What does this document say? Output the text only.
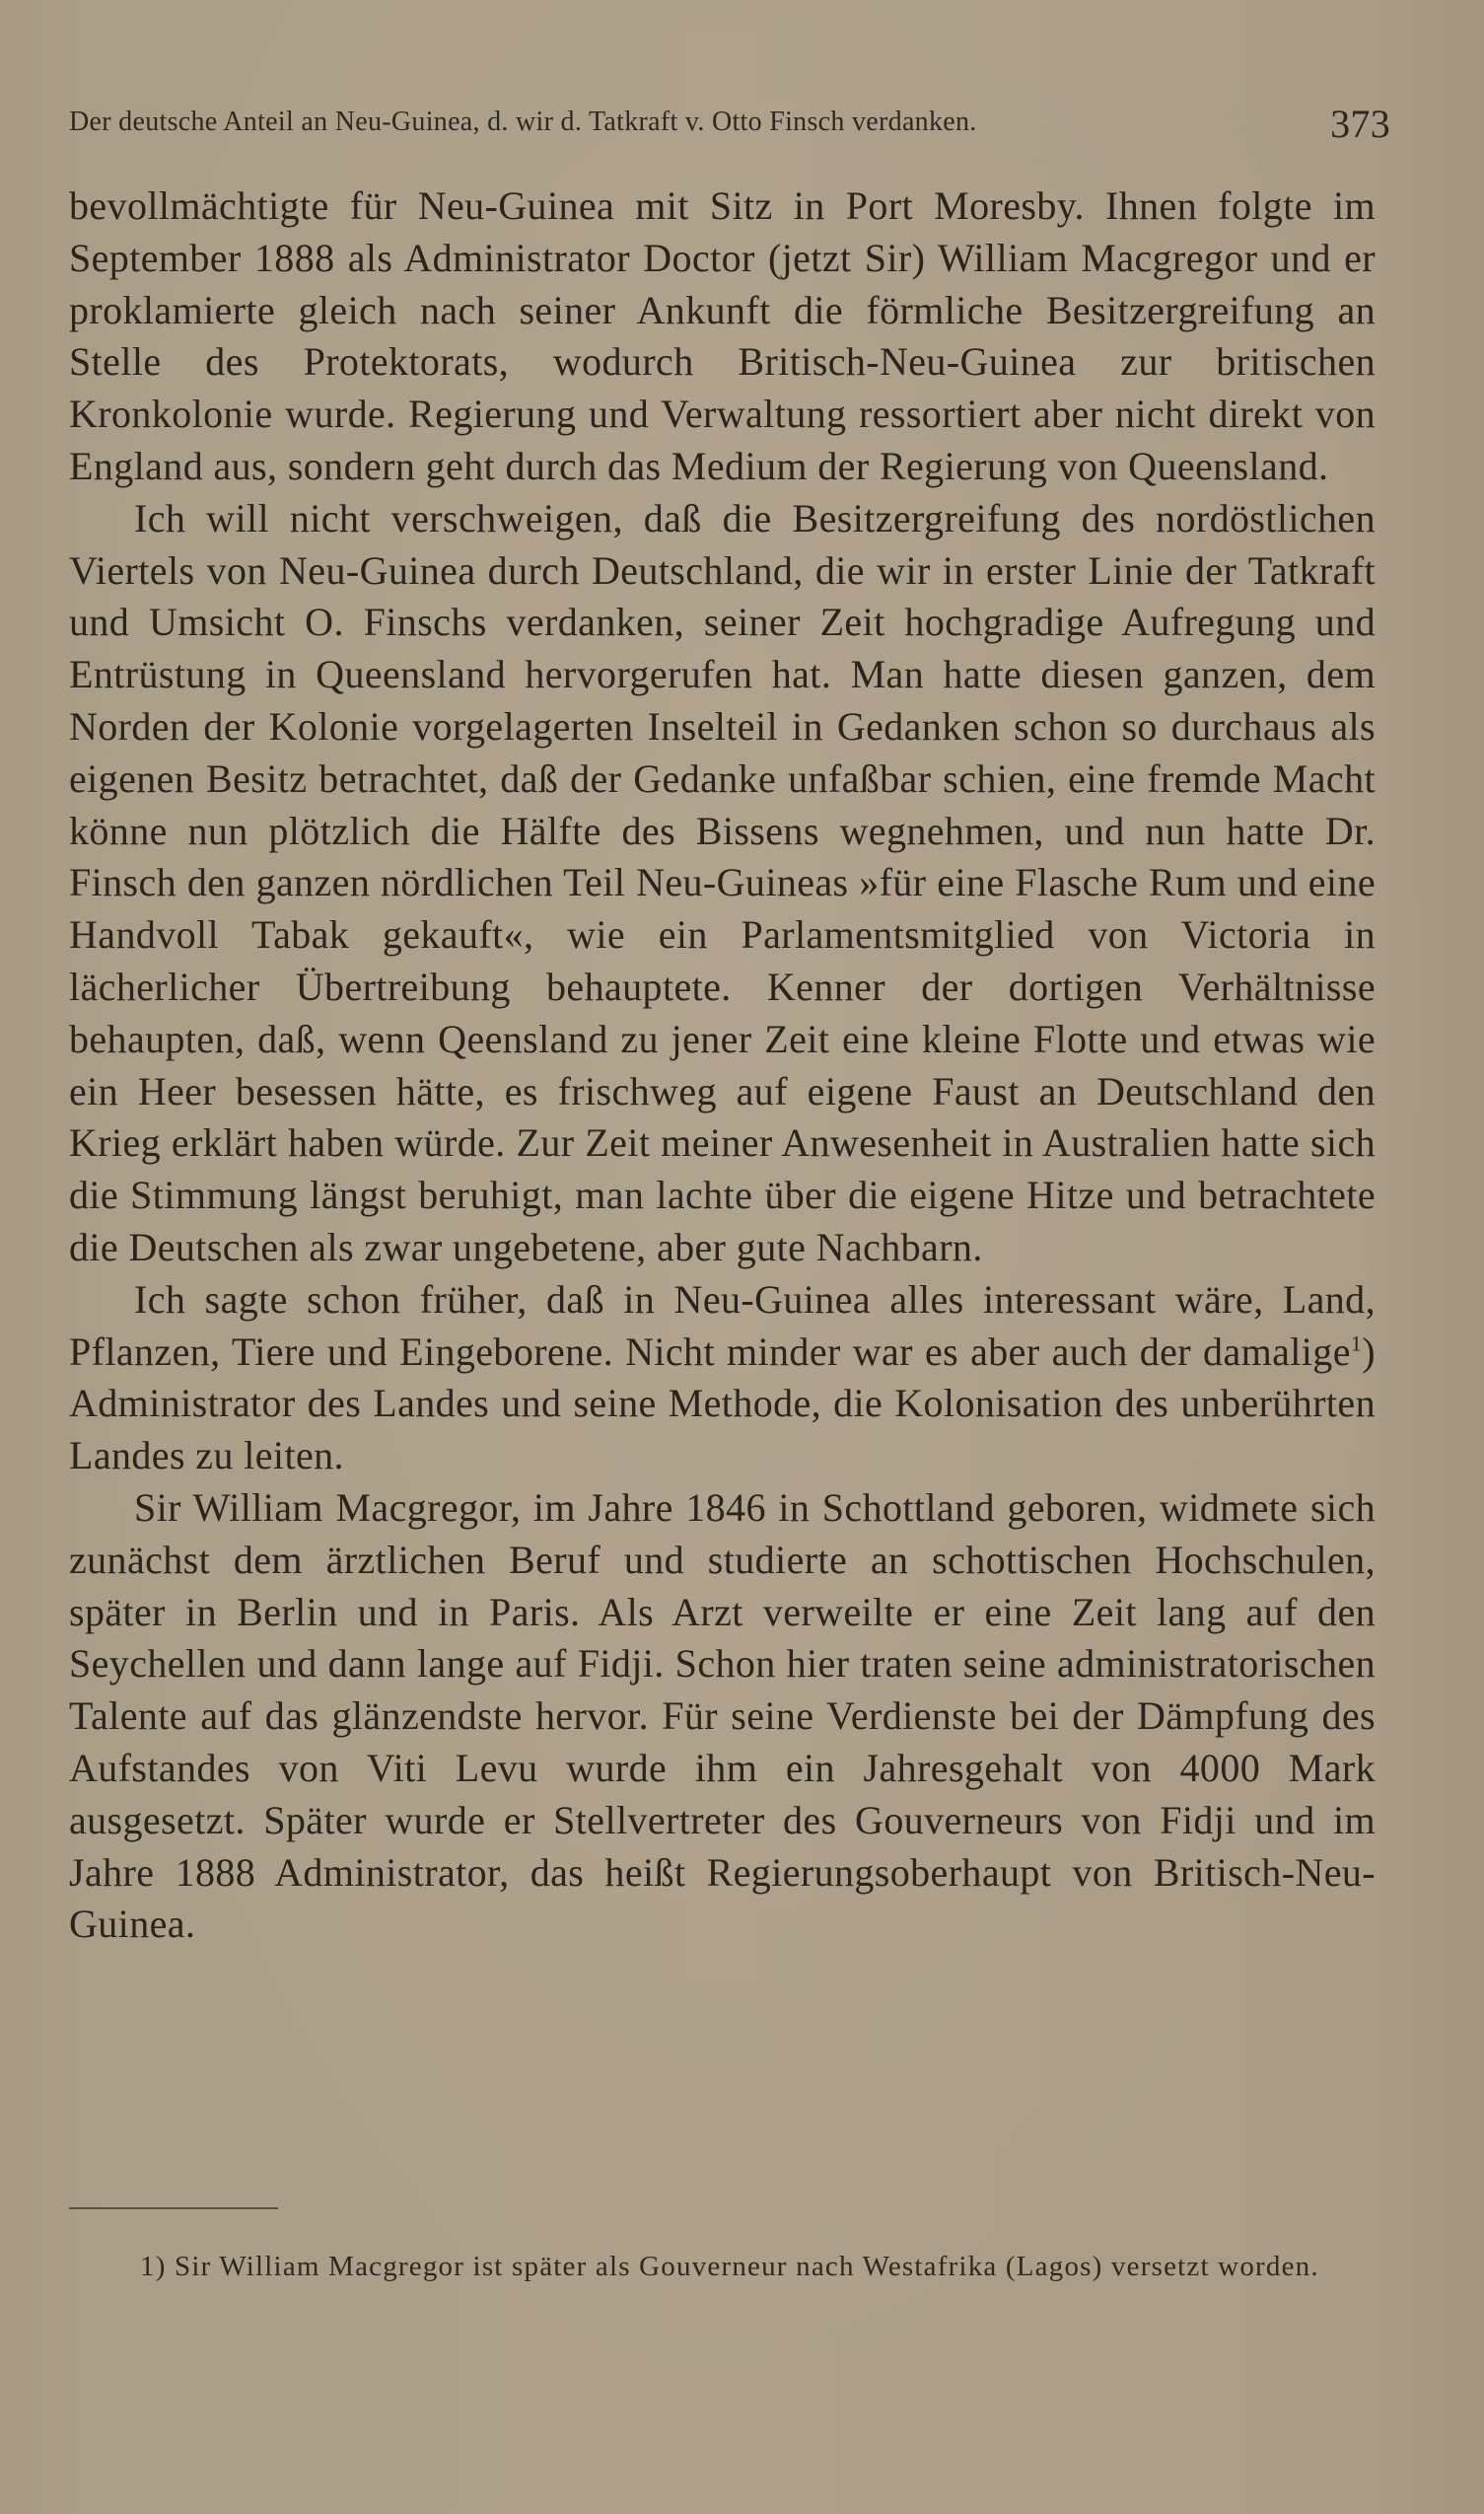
Der deutsche Anteil an Neu-Guinea, d. wir d. Tatkraft v. Otto Finsch verdanken.	373

bevollmächtigte für Neu-Guinea mit Sitz in Port Moresby. Ihnen folgte im September 1888 als Administrator Doctor (jetzt Sir) William Macgregor und er proklamierte gleich nach seiner Ankunft die förmliche Besitzergreifung an Stelle des Protektorats, wodurch Britisch-Neu-Guinea zur britischen Kronkolonie wurde. Regierung und Verwaltung ressortiert aber nicht direkt von England aus, sondern geht durch das Medium der Regierung von Queensland.

Ich will nicht verschweigen, daß die Besitzergreifung des nordöstlichen Viertels von Neu-Guinea durch Deutschland, die wir in erster Linie der Tatkraft und Umsicht O. Finschs verdanken, seiner Zeit hochgradige Aufregung und Entrüstung in Queensland hervorgerufen hat. Man hatte diesen ganzen, dem Norden der Kolonie vorgelagerten Inselteil in Gedanken schon so durchaus als eigenen Besitz betrachtet, daß der Gedanke unfaßbar schien, eine fremde Macht könne nun plötzlich die Hälfte des Bissens wegnehmen, und nun hatte Dr. Finsch den ganzen nördlichen Teil Neu-Guineas »für eine Flasche Rum und eine Handvoll Tabak gekauft«, wie ein Parlamentsmitglied von Victoria in lächerlicher Übertreibung behauptete. Kenner der dortigen Verhältnisse behaupten, daß, wenn Qeensland zu jener Zeit eine kleine Flotte und etwas wie ein Heer besessen hätte, es frischweg auf eigene Faust an Deutschland den Krieg erklärt haben würde. Zur Zeit meiner Anwesenheit in Australien hatte sich die Stimmung längst beruhigt, man lachte über die eigene Hitze und betrachtete die Deutschen als zwar ungebetene, aber gute Nachbarn.

Ich sagte schon früher, daß in Neu-Guinea alles interessant wäre, Land, Pflanzen, Tiere und Eingeborene. Nicht minder war es aber auch der damalige$^1$) Administrator des Landes und seine Methode, die Kolonisation des unberührten Landes zu leiten.

Sir William Macgregor, im Jahre 1846 in Schottland geboren, widmete sich zunächst dem ärztlichen Beruf und studierte an schottischen Hochschulen, später in Berlin und in Paris. Als Arzt verweilte er eine Zeit lang auf den Seychellen und dann lange auf Fidji. Schon hier traten seine administratorischen Talente auf das glänzendste hervor. Für seine Verdienste bei der Dämpfung des Aufstandes von Viti Levu wurde ihm ein Jahresgehalt von 4000 Mark ausgesetzt. Später wurde er Stellvertreter des Gouverneurs von Fidji und im Jahre 1888 Administrator, das heißt Regierungsoberhaupt von Britisch-Neu-Guinea.

1) Sir William Macgregor ist später als Gouverneur nach Westafrika (Lagos) versetzt worden.
